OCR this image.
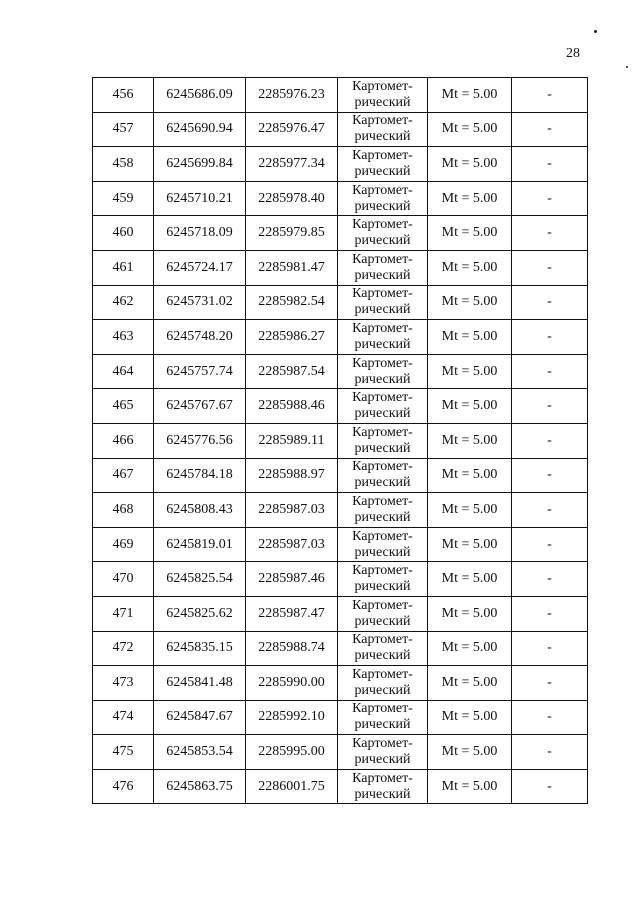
28
456	6245686.09	2285976.23	Картомет-
рический	Mt = 5.00	-
457	6245690.94	2285976.47	Картомет-
рический	Mt = 5.00	-
458	6245699.84	2285977.34	Картомет-
рический	Mt = 5.00	-
459	6245710.21	2285978.40	Картомет-
рический	Mt = 5.00	-
460	6245718.09	2285979.85	Картомет-
рический	Mt = 5.00	-
461	6245724.17	2285981.47	Картомет-
рический	Mt = 5.00	-
462	6245731.02	2285982.54	Картомет-
рический	Mt = 5.00	-
463	6245748.20	2285986.27	Картомет-
рический	Mt = 5.00	-
464	6245757.74	2285987.54	Картомет-
рический	Mt = 5.00	-
465	6245767.67	2285988.46	Картомет-
рический	Mt = 5.00	-
466	6245776.56	2285989.11	Картомет-
рический	Mt = 5.00	-
467	6245784.18	2285988.97	Картомет-
рический	Mt = 5.00	-
468	6245808.43	2285987.03	Картомет-
рический	Mt = 5.00	-
469	6245819.01	2285987.03	Картомет-
рический	Mt = 5.00	-
470	6245825.54	2285987.46	Картомет-
рический	Mt = 5.00	-
471	6245825.62	2285987.47	Картомет-
рический	Mt = 5.00	-
472	6245835.15	2285988.74	Картомет-
рический	Mt = 5.00	-
473	6245841.48	2285990.00	Картомет-
рический	Mt = 5.00	-
474	6245847.67	2285992.10	Картомет-
рический	Mt = 5.00	-
475	6245853.54	2285995.00	Картомет-
рический	Mt = 5.00	-
476	6245863.75	2286001.75	Картомет-
рический	Mt = 5.00	-
